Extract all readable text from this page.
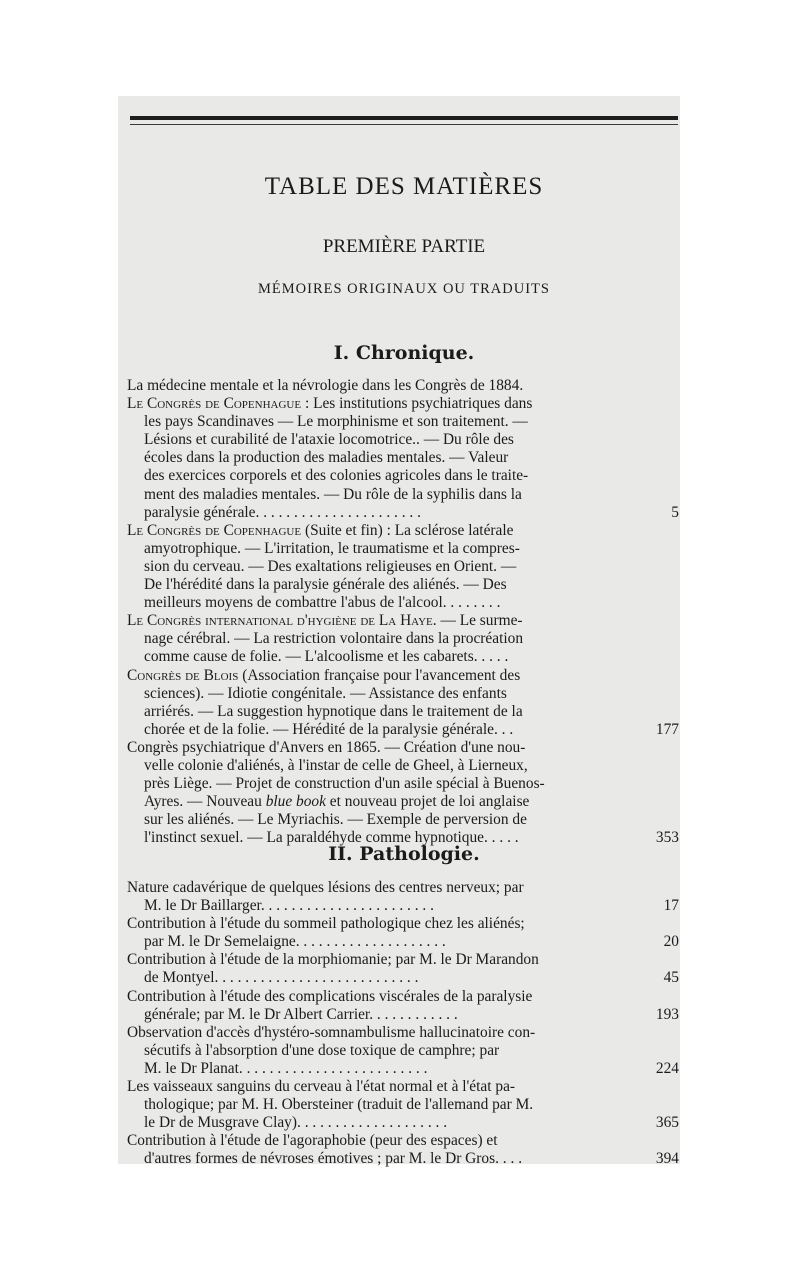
TABLE DES MATIÈRES
PREMIÈRE PARTIE
MÉMOIRES ORIGINAUX OU TRADUITS
I. Chronique.
La médecine mentale et la névrologie dans les Congrès de 1884.
Le Congrès de Copenhague : Les institutions psychiatriques dans
les pays Scandinaves — Le morphinisme et son traitement. —
Lésions et curabilité de l'ataxie locomotrice.. — Du rôle des
écoles dans la production des maladies mentales. — Valeur
des exercices corporels et des colonies agricoles dans le traite-
ment des maladies mentales. — Du rôle de la syphilis dans la
paralysie générale. . . . . . . . . . . . . . . . . . . . . .	5
Le Congrès de Copenhague (Suite et fin) : La sclérose latérale
amyotrophique. — L'irritation, le traumatisme et la compres-
sion du cerveau. — Des exaltations religieuses en Orient. —
De l'hérédité dans la paralysie générale des aliénés. — Des
meilleurs moyens de combattre l'abus de l'alcool. . . . . . . .
Le Congrès international d'hygiène de La Haye. — Le surme-
nage cérébral. — La restriction volontaire dans la procréation
comme cause de folie. — L'alcoolisme et les cabarets. . . . .
Congrès de Blois (Association française pour l'avancement des
sciences). — Idiotie congénitale. — Assistance des enfants
arriérés. — La suggestion hypnotique dans le traitement de la
chorée et de la folie. — Hérédité de la paralysie générale. . .	177
Congrès psychiatrique d'Anvers en 1865. — Création d'une nou-
velle colonie d'aliénés, à l'instar de celle de Gheel, à Lierneux,
près Liège. — Projet de construction d'un asile spécial à Buenos-
Ayres. — Nouveau blue book et nouveau projet de loi anglaise
sur les aliénés. — Le Myriachis. — Exemple de perversion de
l'instinct sexuel. — La paraldéhyde comme hypnotique. . . . .	353
II. Pathologie.
Nature cadavérique de quelques lésions des centres nerveux; par
M. le Dr Baillarger. . . . . . . . . . . . . . . . . . . . . . .	17
Contribution à l'étude du sommeil pathologique chez les aliénés;
par M. le Dr Semelaigne. . . . . . . . . . . . . . . . . . . .	20
Contribution à l'étude de la morphiomanie; par M. le Dr Marandon
de Montyel. . . . . . . . . . . . . . . . . . . . . . . . . . .	45
Contribution à l'étude des complications viscérales de la paralysie
générale; par M. le Dr Albert Carrier. . . . . . . . . . . .	193
Observation d'accès d'hystéro-somnambulisme hallucinatoire con-
sécutifs à l'absorption d'une dose toxique de camphre; par
M. le Dr Planat. . . . . . . . . . . . . . . . . . . . . . . . .	224
Les vaisseaux sanguins du cerveau à l'état normal et à l'état pa-
thologique; par M. H. Obersteiner (traduit de l'allemand par M.
le Dr de Musgrave Clay). . . . . . . . . . . . . . . . . . . .	365
Contribution à l'étude de l'agoraphobie (peur des espaces) et
d'autres formes de névroses émotives ; par M. le Dr Gros. . . .	394
